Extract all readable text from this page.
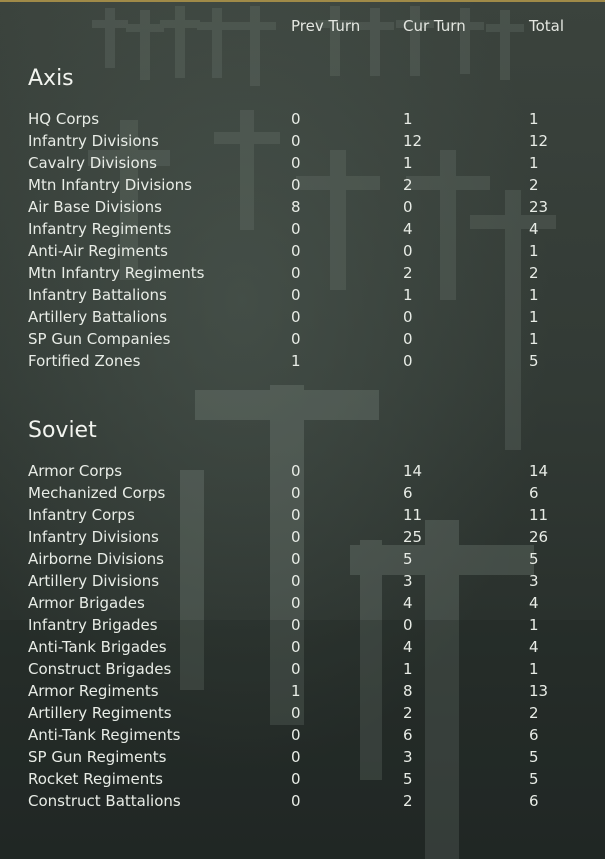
Prev Turn	Cur Turn	Total
Axis
HQ Corps	0	1	1
Infantry Divisions	0	12	12
Cavalry Divisions	0	1	1
Mtn Infantry Divisions	0	2	2
Air Base Divisions	8	0	23
Infantry Regiments	0	4	4
Anti-Air Regiments	0	0	1
Mtn Infantry Regiments	0	2	2
Infantry Battalions	0	1	1
Artillery Battalions	0	0	1
SP Gun Companies	0	0	1
Fortified Zones	1	0	5
Soviet
Armor Corps	0	14	14
Mechanized Corps	0	6	6
Infantry Corps	0	11	11
Infantry Divisions	0	25	26
Airborne Divisions	0	5	5
Artillery Divisions	0	3	3
Armor Brigades	0	4	4
Infantry Brigades	0	0	1
Anti-Tank Brigades	0	4	4
Construct Brigades	0	1	1
Armor Regiments	1	8	13
Artillery Regiments	0	2	2
Anti-Tank Regiments	0	6	6
SP Gun Regiments	0	3	5
Rocket Regiments	0	5	5
Construct Battalions	0	2	6
